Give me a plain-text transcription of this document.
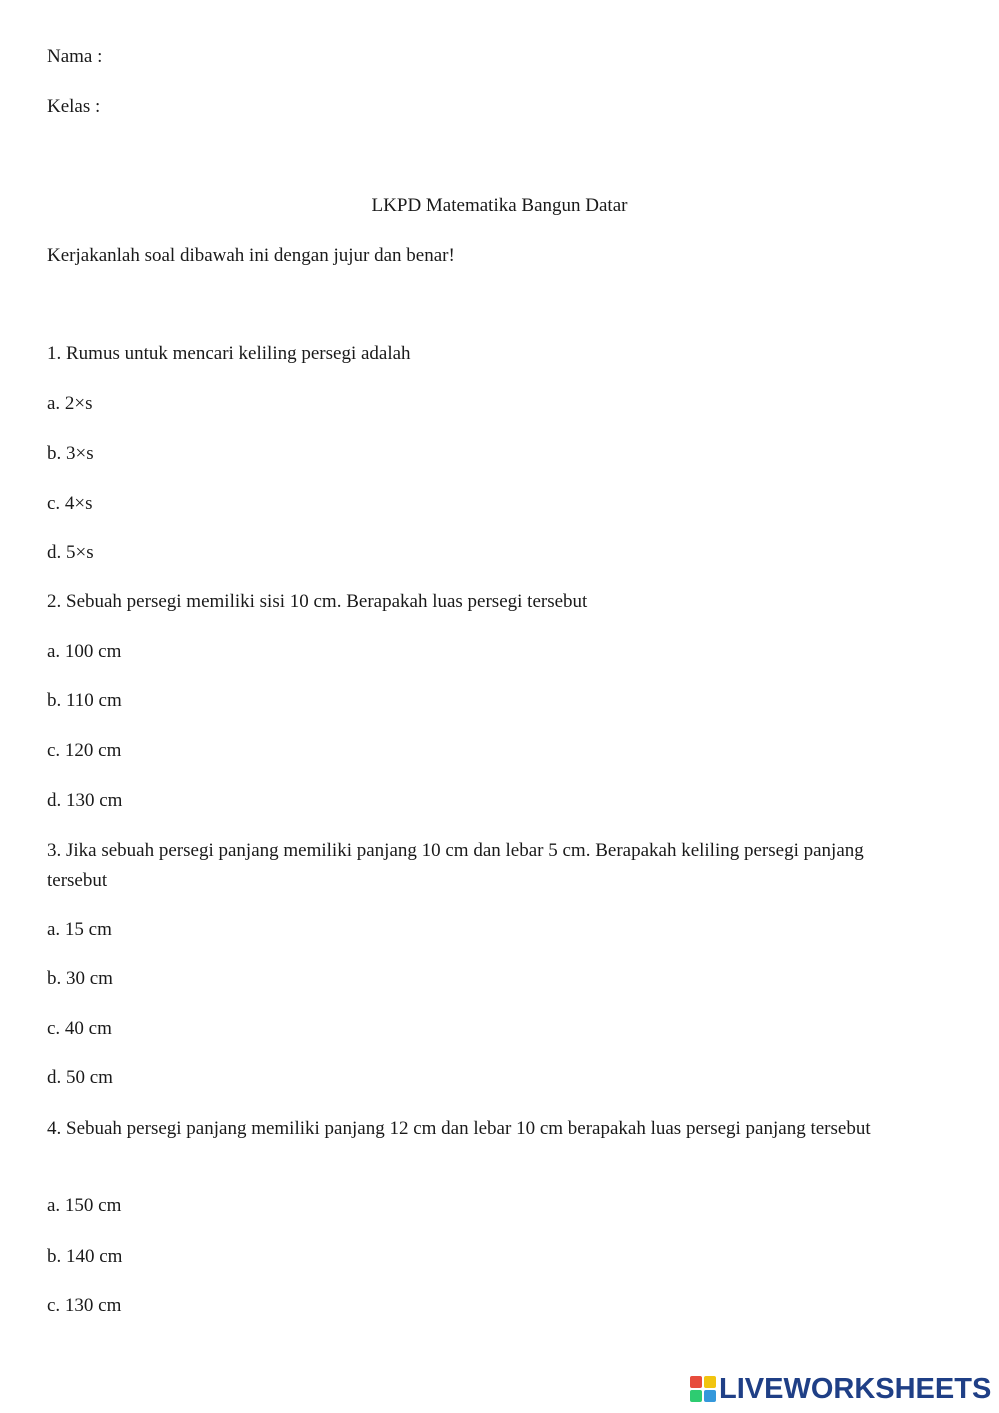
Nama :
Kelas :
LKPD Matematika Bangun Datar
Kerjakanlah soal dibawah ini dengan jujur dan benar!
1. Rumus untuk mencari keliling persegi adalah
a. 2×s
b. 3×s
c. 4×s
d. 5×s
2. Sebuah persegi memiliki sisi 10 cm. Berapakah luas persegi tersebut
a. 100 cm
b. 110 cm
c. 120 cm
d. 130 cm
3. Jika sebuah persegi panjang memiliki panjang 10 cm dan lebar 5 cm. Berapakah keliling persegi panjang tersebut
a. 15 cm
b. 30 cm
c. 40 cm
d. 50 cm
4. Sebuah persegi panjang memiliki panjang 12 cm dan lebar 10 cm berapakah luas persegi panjang tersebut
a. 150 cm
b. 140 cm
c. 130 cm
LIVEWORKSHEETS
